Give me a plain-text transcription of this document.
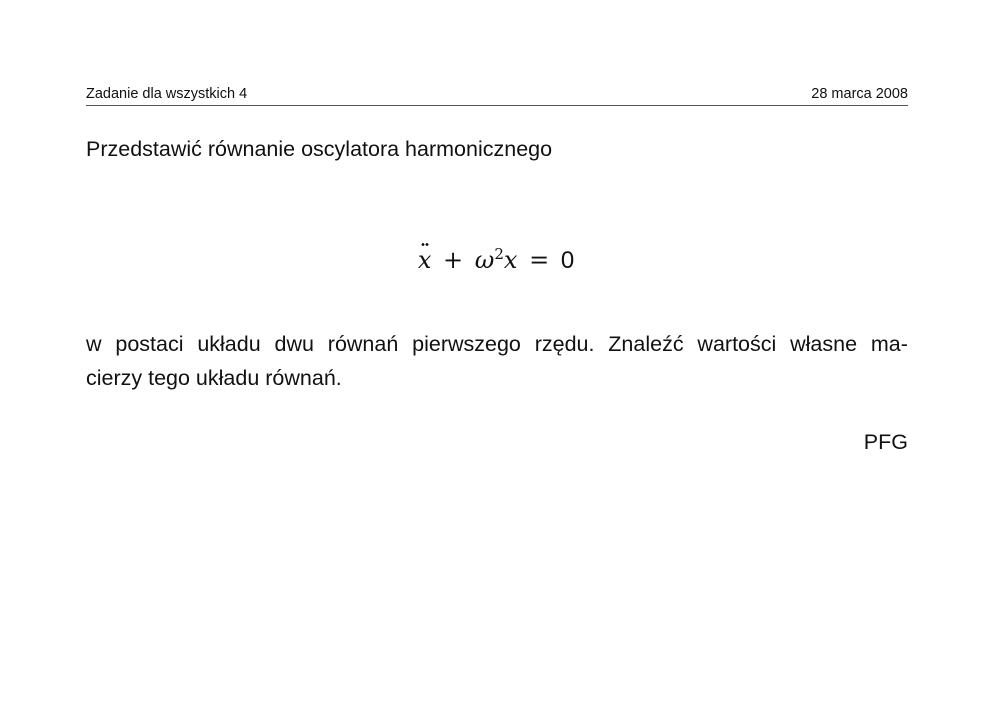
Zadanie dla wszystkich 4	28 marca 2008

Przedstawić równanie oscylatora harmonicznego

$x + \omega^2x = 0$

w postaci układu dwu równań pierwszego rzędu. Znaleźć wartości własne ma-
cierzy tego układu równań.

PFG
